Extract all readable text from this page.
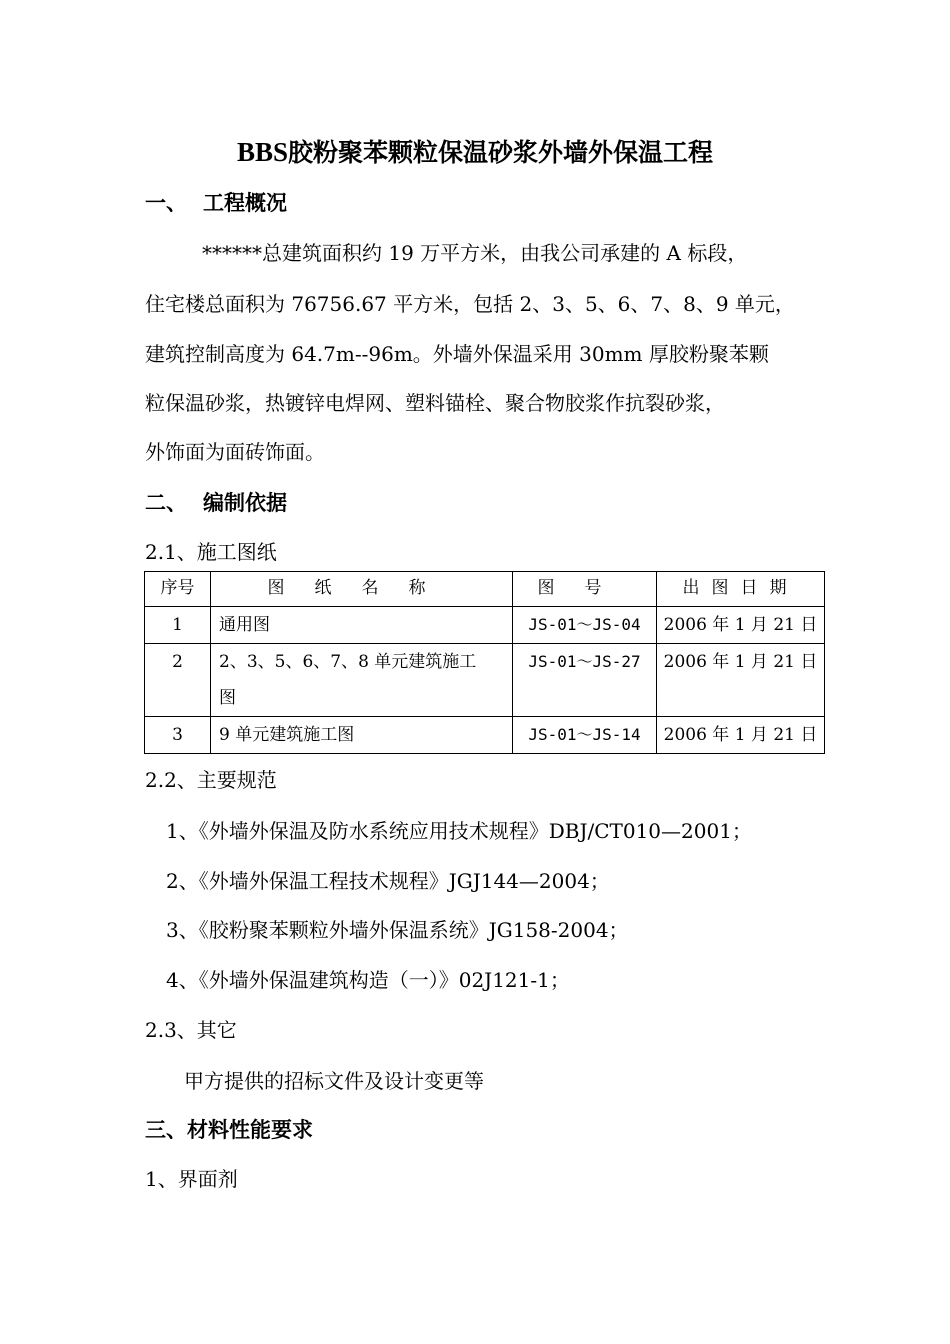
BBS胶粉聚苯颗粒保温砂浆外墙外保温工程
一、 工程概况
******总建筑面积约 19 万平方米，由我公司承建的 A 标段，
住宅楼总面积为 76756.67 平方米，包括 2、3、5、6、7、8、9 单元，
建筑控制高度为 64.7m--96m。外墙外保温采用 30mm 厚胶粉聚苯颗
粒保温砂浆，热镀锌电焊网、塑料锚栓、聚合物胶浆作抗裂砂浆，
外饰面为面砖饰面。
二、 编制依据
2.1、施工图纸
序号	图纸名称	图号	出图日期
1	通用图	JS-01～JS-04	2006 年 1 月 21 日
2	2、3、5、6、7、8 单元建筑施工
图	JS-01～JS-27	2006 年 1 月 21 日
3	9 单元建筑施工图	JS-01～JS-14	2006 年 1 月 21 日
2.2、主要规范
1、《外墙外保温及防水系统应用技术规程》DBJ/CT010—2001；
2、《外墙外保温工程技术规程》JGJ144—2004；
3、《胶粉聚苯颗粒外墙外保温系统》JG158-2004；
4、《外墙外保温建筑构造（一）》02J121-1；
2.3、其它
甲方提供的招标文件及设计变更等
三、材料性能要求
1、界面剂
